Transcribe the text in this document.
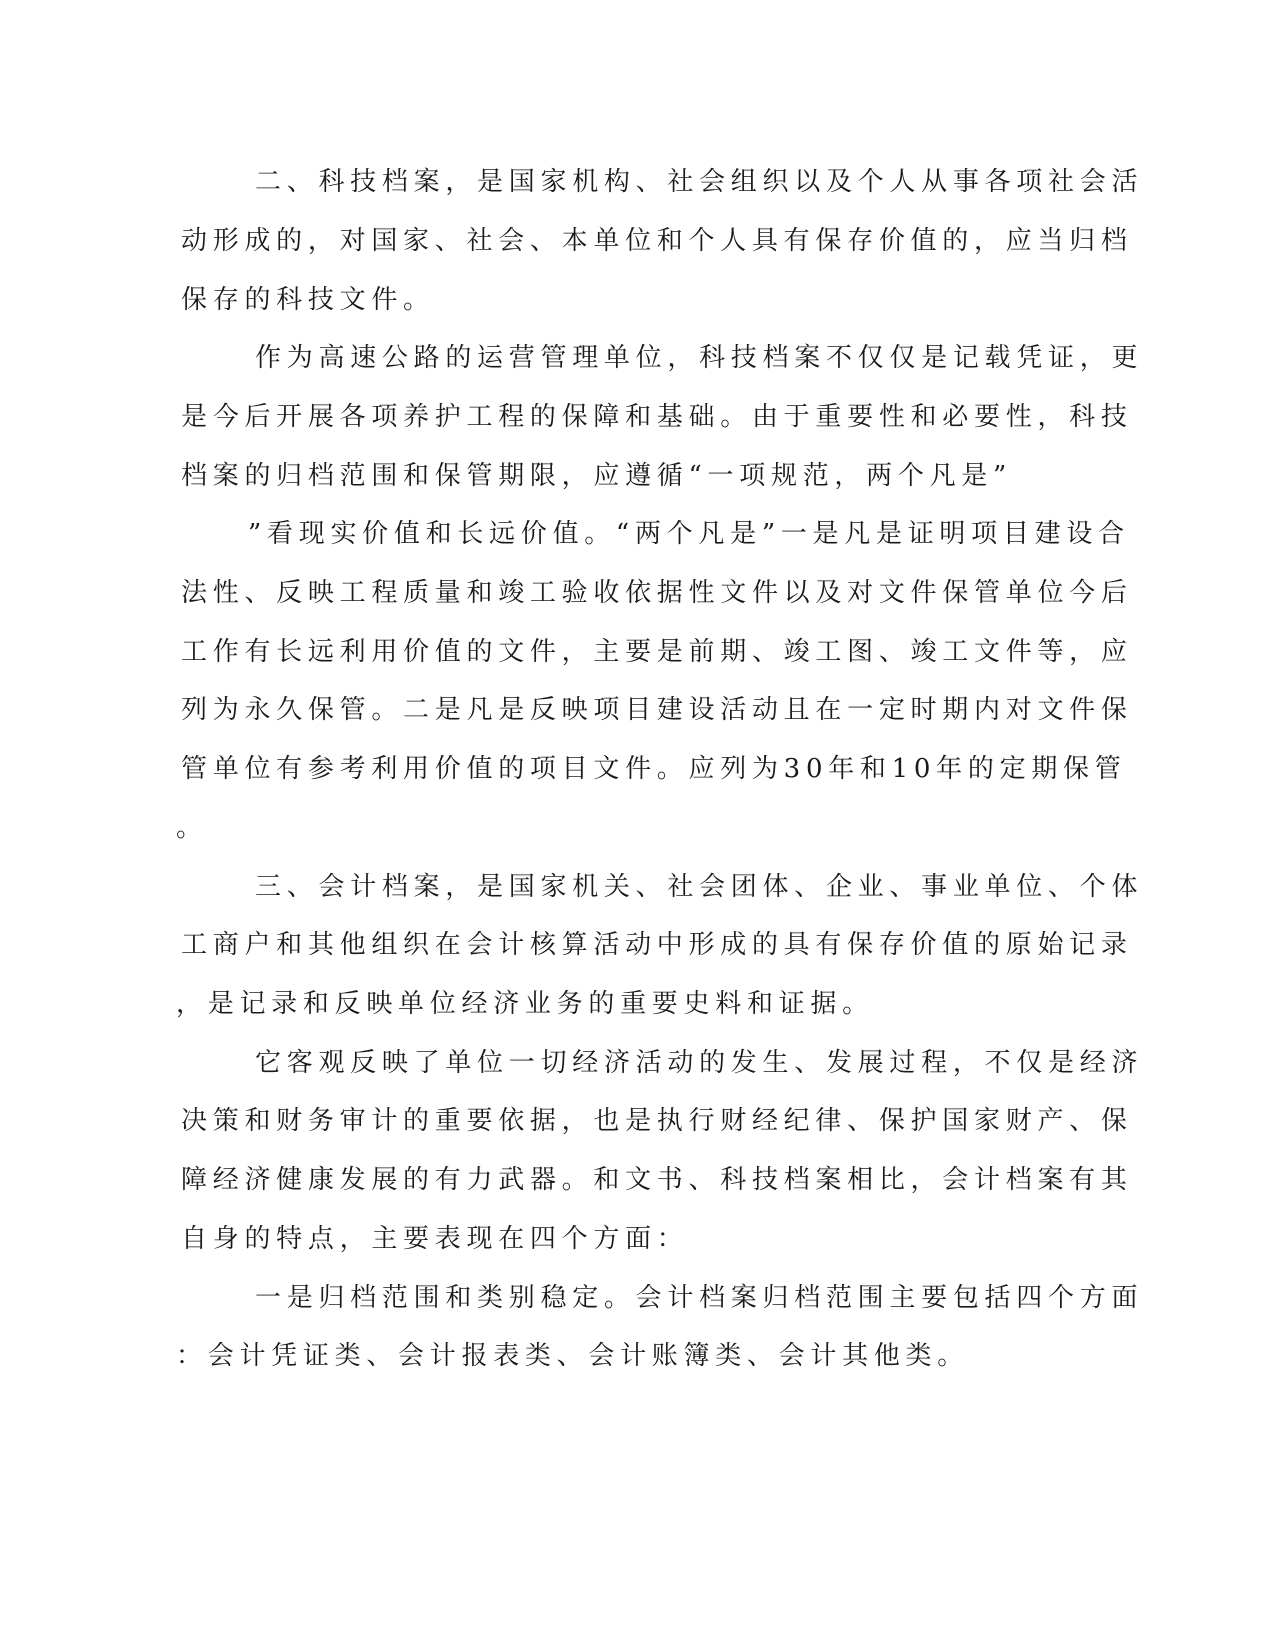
二、科技档案，是国家机构、社会组织以及个人从事各项社会活

动形成的，对国家、社会、本单位和个人具有保存价值的，应当归档

保存的科技文件。

作为高速公路的运营管理单位，科技档案不仅仅是记载凭证，更

是今后开展各项养护工程的保障和基础。由于重要性和必要性，科技

档案的归档范围和保管期限，应遵循“一项规范，两个凡是”

”看现实价值和长远价值。“两个凡是”一是凡是证明项目建设合

法性、反映工程质量和竣工验收依据性文件以及对文件保管单位今后

工作有长远利用价值的文件，主要是前期、竣工图、竣工文件等，应

列为永久保管。二是凡是反映项目建设活动且在一定时期内对文件保

管单位有参考利用价值的项目文件。应列为30年和10年的定期保管

。

三、会计档案，是国家机关、社会团体、企业、事业单位、个体

工商户和其他组织在会计核算活动中形成的具有保存价值的原始记录

，是记录和反映单位经济业务的重要史料和证据。

它客观反映了单位一切经济活动的发生、发展过程，不仅是经济

决策和财务审计的重要依据，也是执行财经纪律、保护国家财产、保

障经济健康发展的有力武器。和文书、科技档案相比，会计档案有其

自身的特点，主要表现在四个方面：

一是归档范围和类别稳定。会计档案归档范围主要包括四个方面

：会计凭证类、会计报表类、会计账簿类、会计其他类。
